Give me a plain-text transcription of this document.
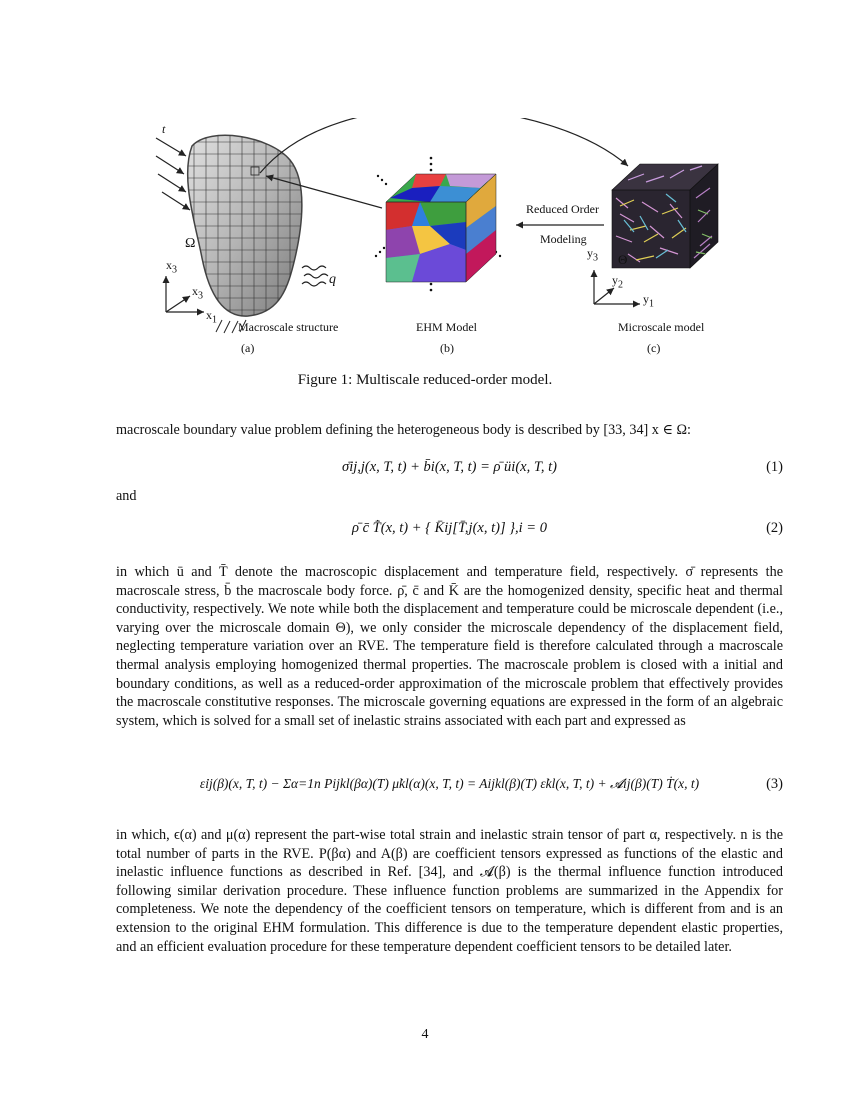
t
Ω
q
$x_3$
$x_3$
$x_1$
Reduced Order
Modeling
$y_3$
$y_2$
$y_1$
Θ
Macroscale structure
(a)
EHM Model
(b)
Microscale model
(c)
Figure 1: Multiscale reduced-order model.
macroscale boundary value problem defining the heterogeneous body is described by [33, 34] x ∈ Ω:
σ̄ij,j(x, T, t) + b̄i(x, T, t) = ρ̄ üi(x, T, t)	(1)
and
ρ̄ c̄ T̄̇(x, t) + { K̄ij[T̄,j(x, t)] },i = 0	(2)
in which ū and T̄ denote the macroscopic displacement and temperature field, respectively. σ̄ represents the macroscale stress, b̄ the macroscale body force. ρ̄, c̄ and K̄ are the homogenized density, specific heat and thermal conductivity, respectively. We note while both the displacement and temperature could be microscale dependent (i.e., varying over the microscale domain Θ), we only consider the microscale dependency of the displacement field, neglecting temperature variation over an RVE. The temperature field is therefore calculated through a macroscale thermal analysis employing homogenized thermal properties. The macroscale problem is closed with a initial and boundary conditions, as well as a reduced-order approximation of the microscale problem that effectively provides the macroscale constitutive responses. The microscale governing equations are expressed in the form of an algebraic system, which is solved for a small set of inelastic strains associated with each part and expressed as
ε̇ij(β)(x, T, t) − Σα=1n Pijkl(βα)(T) μ̇kl(α)(x, T, t) = Aijkl(β)(T) ε̇kl(x, T, t) + 𝓐ij(β)(T) Ṫ(x, t)	(3)
in which, ϵ(α) and μ(α) represent the part-wise total strain and inelastic strain tensor of part α, respectively. n is the total number of parts in the RVE. P(βα) and A(β) are coefficient tensors expressed as functions of the elastic and inelastic influence functions as described in Ref. [34], and 𝓐(β) is the thermal influence function introduced following similar derivation procedure. These influence function problems are summarized in the Appendix for completeness. We note the dependency of the coefficient tensors on temperature, which is different from and is an extension to the original EHM formulation. This difference is due to the temperature dependent elastic properties, and an efficient evaluation procedure for these temperature dependent coefficient tensors to be detailed later.
4
